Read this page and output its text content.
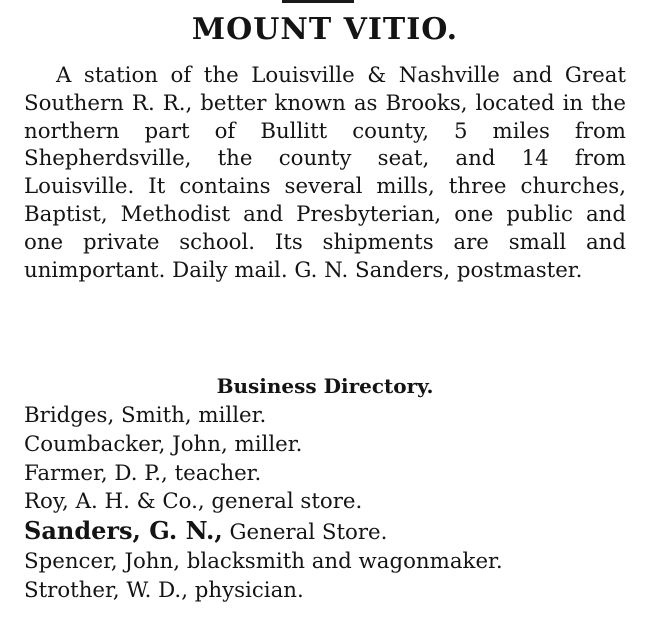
MOUNT VITIO.

A station of the Louisville & Nashville and Great Southern R. R., better known as Brooks, located in the northern part of Bullitt county, 5 miles from Shepherdsville, the county seat, and 14 from Louisville. It contains several mills, three churches, Baptist, Methodist and Presbyterian, one public and one private school. Its shipments are small and unimportant. Daily mail. G. N. Sanders, postmaster.

Business Directory.
Bridges, Smith, miller.
Coumbacker, John, miller.
Farmer, D. P., teacher.
Roy, A. H. & Co., general store.
Sanders, G. N., General Store.
Spencer, John, blacksmith and wagonmaker.
Strother, W. D., physician.
